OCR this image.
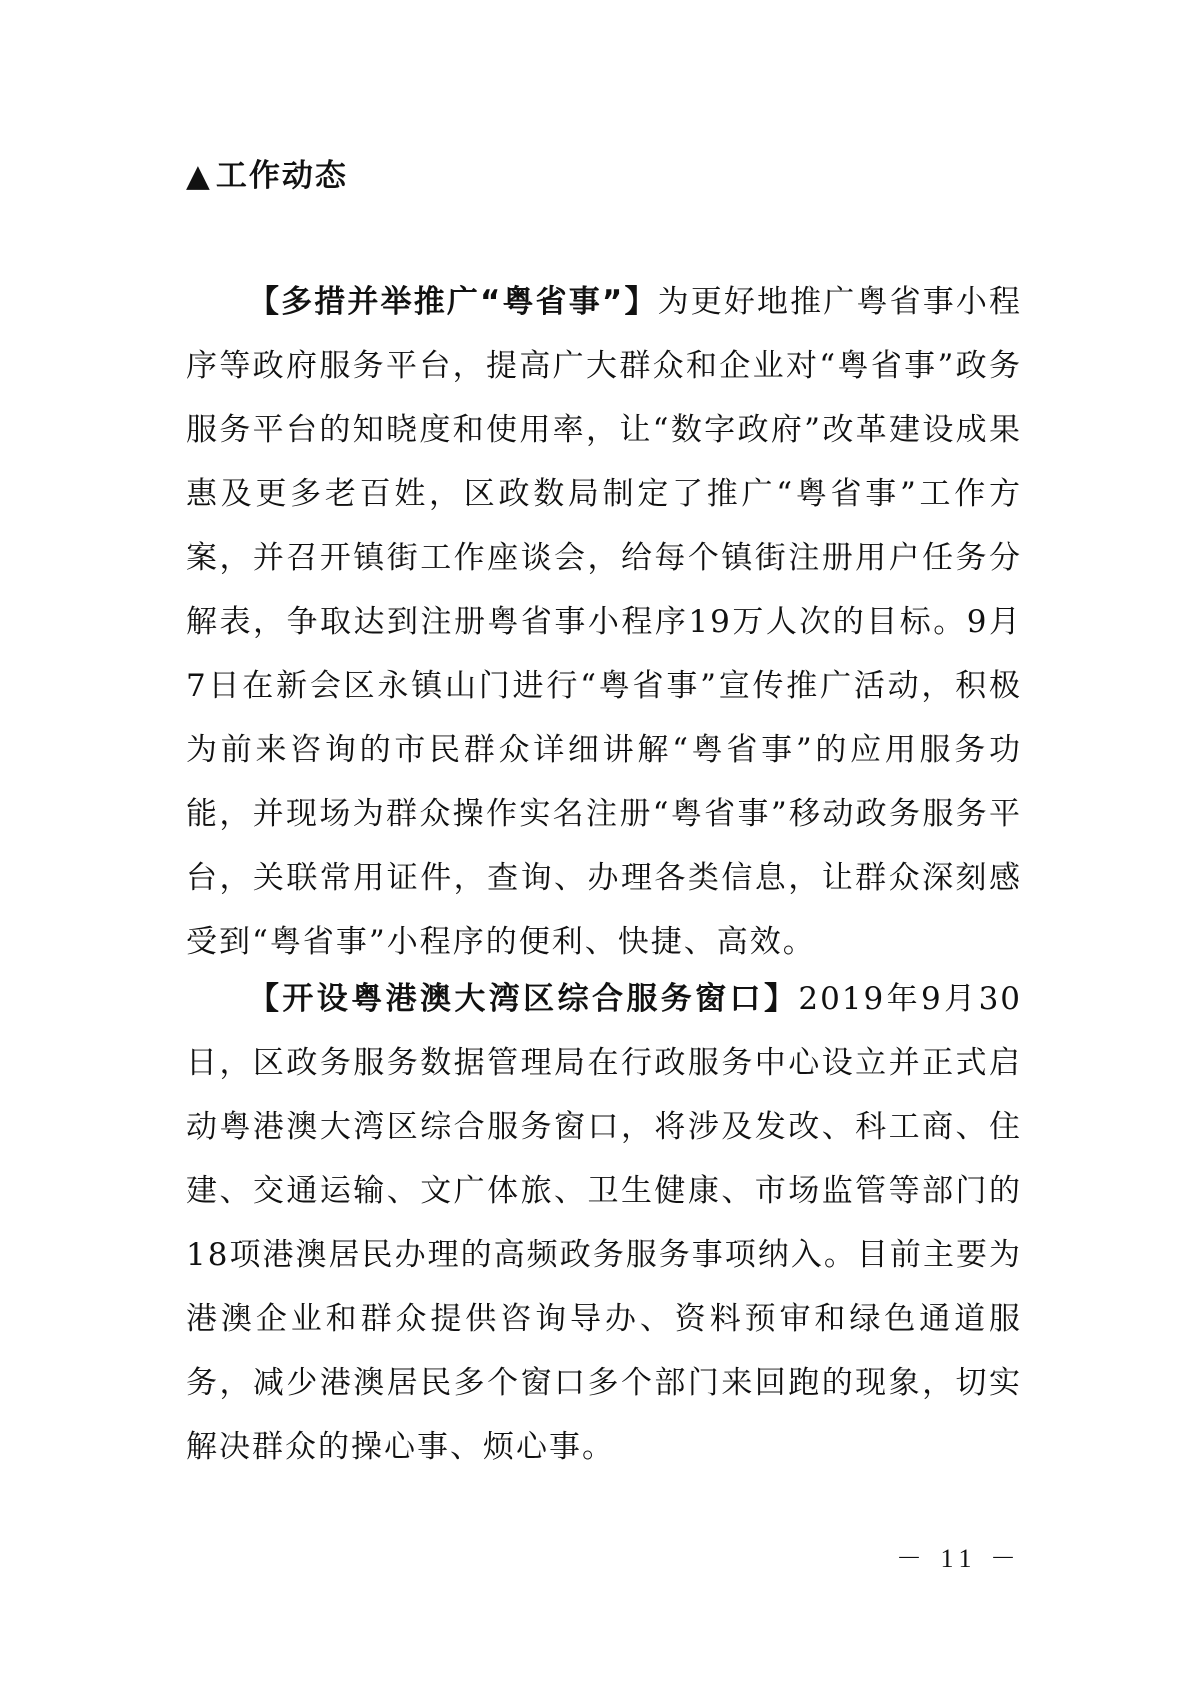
▲ 工作动态

【多措并举推广“粤省事”】为更好地推广粤省事小程序等政府服务平台，提高广大群众和企业对“粤省事”政务服务平台的知晓度和使用率，让“数字政府”改革建设成果惠及更多老百姓，区政数局制定了推广“粤省事”工作方案，并召开镇街工作座谈会，给每个镇街注册用户任务分解表，争取达到注册粤省事小程序19万人次的目标。9月7日在新会区永镇山门进行“粤省事”宣传推广活动，积极为前来咨询的市民群众详细讲解“粤省事”的应用服务功能，并现场为群众操作实名注册“粤省事”移动政务服务平台，关联常用证件，查询、办理各类信息，让群众深刻感受到“粤省事”小程序的便利、快捷、高效。

【开设粤港澳大湾区综合服务窗口】2019年9月30日，区政务服务数据管理局在行政服务中心设立并正式启动粤港澳大湾区综合服务窗口，将涉及发改、科工商、住建、交通运输、文广体旅、卫生健康、市场监管等部门的18项港澳居民办理的高频政务服务事项纳入。目前主要为港澳企业和群众提供咨询导办、资料预审和绿色通道服务，减少港澳居民多个窗口多个部门来回跑的现象，切实解决群众的操心事、烦心事。

－ 11 －
